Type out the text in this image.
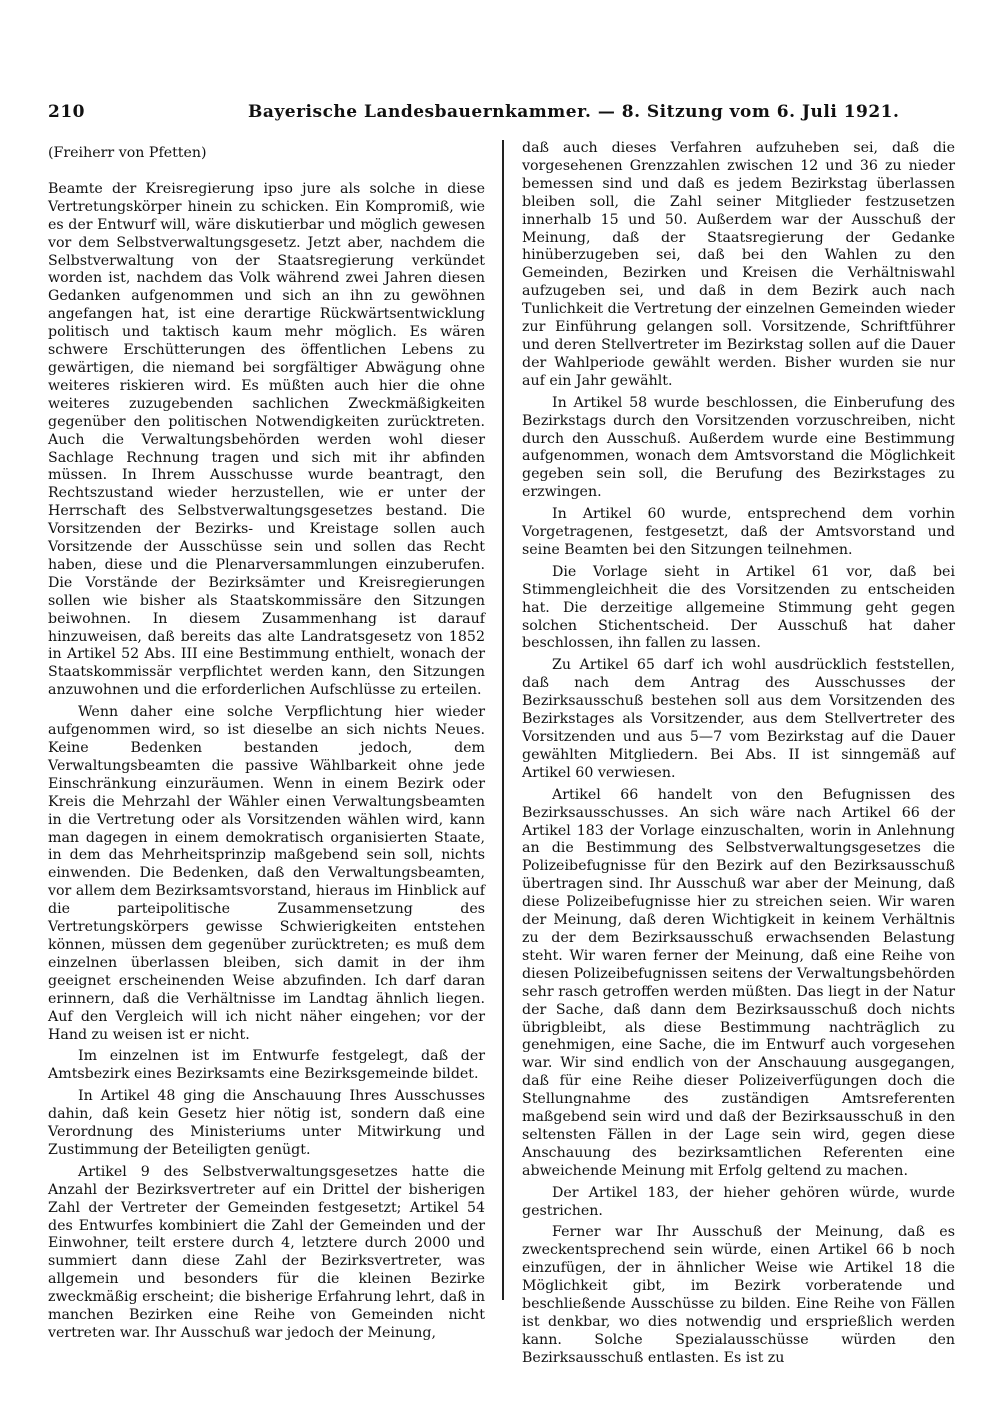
210	Bayerische Landesbauernkammer. — 8. Sitzung vom 6. Juli 1921.
(Freiherr von Pfetten)

Beamte der Kreisregierung ipso jure als solche in diese Vertretungskörper hinein zu schicken. Ein Kompromiß, wie es der Entwurf will, wäre diskutierbar und möglich gewesen vor dem Selbstverwaltungsgesetz. Jetzt aber, nachdem die Selbstverwaltung von der Staatsregierung verkündet worden ist, nachdem das Volk während zwei Jahren diesen Gedanken aufgenommen und sich an ihn zu gewöhnen angefangen hat, ist eine derartige Rückwärtsentwicklung politisch und taktisch kaum mehr möglich. Es wären schwere Erschütterungen des öffentlichen Lebens zu gewärtigen, die niemand bei sorgfältiger Abwägung ohne weiteres riskieren wird. Es müßten auch hier die ohne weiteres zuzugebenden sachlichen Zweckmäßigkeiten gegenüber den politischen Notwendigkeiten zurücktreten. Auch die Verwaltungsbehörden werden wohl dieser Sachlage Rechnung tragen und sich mit ihr abfinden müssen. In Ihrem Ausschusse wurde beantragt, den Rechtszustand wieder herzustellen, wie er unter der Herrschaft des Selbstverwaltungsgesetzes bestand. Die Vorsitzenden der Bezirks- und Kreistage sollen auch Vorsitzende der Ausschüsse sein und sollen das Recht haben, diese und die Plenarversammlungen einzuberufen. Die Vorstände der Bezirksämter und Kreisregierungen sollen wie bisher als Staatskommissäre den Sitzungen beiwohnen. In diesem Zusammenhang ist darauf hinzuweisen, daß bereits das alte Landratsgesetz von 1852 in Artikel 52 Abs. III eine Bestimmung enthielt, wonach der Staatskommissär verpflichtet werden kann, den Sitzungen anzuwohnen und die erforderlichen Aufschlüsse zu erteilen.

Wenn daher eine solche Verpflichtung hier wieder aufgenommen wird, so ist dieselbe an sich nichts Neues. Keine Bedenken bestanden jedoch, dem Verwaltungsbeamten die passive Wählbarkeit ohne jede Einschränkung einzuräumen. Wenn in einem Bezirk oder Kreis die Mehrzahl der Wähler einen Verwaltungsbeamten in die Vertretung oder als Vorsitzenden wählen wird, kann man dagegen in einem demokratisch organisierten Staate, in dem das Mehrheitsprinzip maßgebend sein soll, nichts einwenden. Die Bedenken, daß den Verwaltungsbeamten, vor allem dem Bezirksamtsvorstand, hieraus im Hinblick auf die parteipolitische Zusammensetzung des Vertretungskörpers gewisse Schwierigkeiten entstehen können, müssen dem gegenüber zurücktreten; es muß dem einzelnen überlassen bleiben, sich damit in der ihm geeignet erscheinenden Weise abzufinden. Ich darf daran erinnern, daß die Verhältnisse im Landtag ähnlich liegen. Auf den Vergleich will ich nicht näher eingehen; vor der Hand zu weisen ist er nicht.

Im einzelnen ist im Entwurfe festgelegt, daß der Amtsbezirk eines Bezirksamts eine Bezirksgemeinde bildet.

In Artikel 48 ging die Anschauung Ihres Ausschusses dahin, daß kein Gesetz hier nötig ist, sondern daß eine Verordnung des Ministeriums unter Mitwirkung und Zustimmung der Beteiligten genügt.

Artikel 9 des Selbstverwaltungsgesetzes hatte die Anzahl der Bezirksvertreter auf ein Drittel der bisherigen Zahl der Vertreter der Gemeinden festgesetzt; Artikel 54 des Entwurfes kombiniert die Zahl der Gemeinden und der Einwohner, teilt erstere durch 4, letztere durch 2000 und summiert dann diese Zahl der Bezirksvertreter, was allgemein und besonders für die kleinen Bezirke zweckmäßig erscheint; die bisherige Erfahrung lehrt, daß in manchen Bezirken eine Reihe von Gemeinden nicht vertreten war. Ihr Ausschuß war jedoch der Meinung,

daß auch dieses Verfahren aufzuheben sei, daß die vorgesehenen Grenzzahlen zwischen 12 und 36 zu nieder bemessen sind und daß es jedem Bezirkstag überlassen bleiben soll, die Zahl seiner Mitglieder festzusetzen innerhalb 15 und 50. Außerdem war der Ausschuß der Meinung, daß der Staatsregierung der Gedanke hinüberzugeben sei, daß bei den Wahlen zu den Gemeinden, Bezirken und Kreisen die Verhältniswahl aufzugeben sei, und daß in dem Bezirk auch nach Tunlichkeit die Vertretung der einzelnen Gemeinden wieder zur Einführung gelangen soll. Vorsitzende, Schriftführer und deren Stellvertreter im Bezirkstag sollen auf die Dauer der Wahlperiode gewählt werden. Bisher wurden sie nur auf ein Jahr gewählt.

In Artikel 58 wurde beschlossen, die Einberufung des Bezirkstags durch den Vorsitzenden vorzuschreiben, nicht durch den Ausschuß. Außerdem wurde eine Bestimmung aufgenommen, wonach dem Amtsvorstand die Möglichkeit gegeben sein soll, die Berufung des Bezirkstages zu erzwingen.

In Artikel 60 wurde, entsprechend dem vorhin Vorgetragenen, festgesetzt, daß der Amtsvorstand und seine Beamten bei den Sitzungen teilnehmen.

Die Vorlage sieht in Artikel 61 vor, daß bei Stimmengleichheit die des Vorsitzenden zu entscheiden hat. Die derzeitige allgemeine Stimmung geht gegen solchen Stichentscheid. Der Ausschuß hat daher beschlossen, ihn fallen zu lassen.

Zu Artikel 65 darf ich wohl ausdrücklich feststellen, daß nach dem Antrag des Ausschusses der Bezirksausschuß bestehen soll aus dem Vorsitzenden des Bezirkstages als Vorsitzender, aus dem Stellvertreter des Vorsitzenden und aus 5—7 vom Bezirkstag auf die Dauer gewählten Mitgliedern. Bei Abs. II ist sinngemäß auf Artikel 60 verwiesen.

Artikel 66 handelt von den Befugnissen des Bezirksausschusses. An sich wäre nach Artikel 66 der Artikel 183 der Vorlage einzuschalten, worin in Anlehnung an die Bestimmung des Selbstverwaltungsgesetzes die Polizeibefugnisse für den Bezirk auf den Bezirksausschuß übertragen sind. Ihr Ausschuß war aber der Meinung, daß diese Polizeibefugnisse hier zu streichen seien. Wir waren der Meinung, daß deren Wichtigkeit in keinem Verhältnis zu der dem Bezirksausschuß erwachsenden Belastung steht. Wir waren ferner der Meinung, daß eine Reihe von diesen Polizeibefugnissen seitens der Verwaltungsbehörden sehr rasch getroffen werden müßten. Das liegt in der Natur der Sache, daß dann dem Bezirksausschuß doch nichts übrigbleibt, als diese Bestimmung nachträglich zu genehmigen, eine Sache, die im Entwurf auch vorgesehen war. Wir sind endlich von der Anschauung ausgegangen, daß für eine Reihe dieser Polizeiverfügungen doch die Stellungnahme des zuständigen Amtsreferenten maßgebend sein wird und daß der Bezirksausschuß in den seltensten Fällen in der Lage sein wird, gegen diese Anschauung des bezirksamtlichen Referenten eine abweichende Meinung mit Erfolg geltend zu machen.

Der Artikel 183, der hieher gehören würde, wurde gestrichen.

Ferner war Ihr Ausschuß der Meinung, daß es zweckentsprechend sein würde, einen Artikel 66 b noch einzufügen, der in ähnlicher Weise wie Artikel 18 die Möglichkeit gibt, im Bezirk vorberatende und beschließende Ausschüsse zu bilden. Eine Reihe von Fällen ist denkbar, wo dies notwendig und ersprießlich werden kann. Solche Spezialausschüsse würden den Bezirksausschuß entlasten. Es ist zu
